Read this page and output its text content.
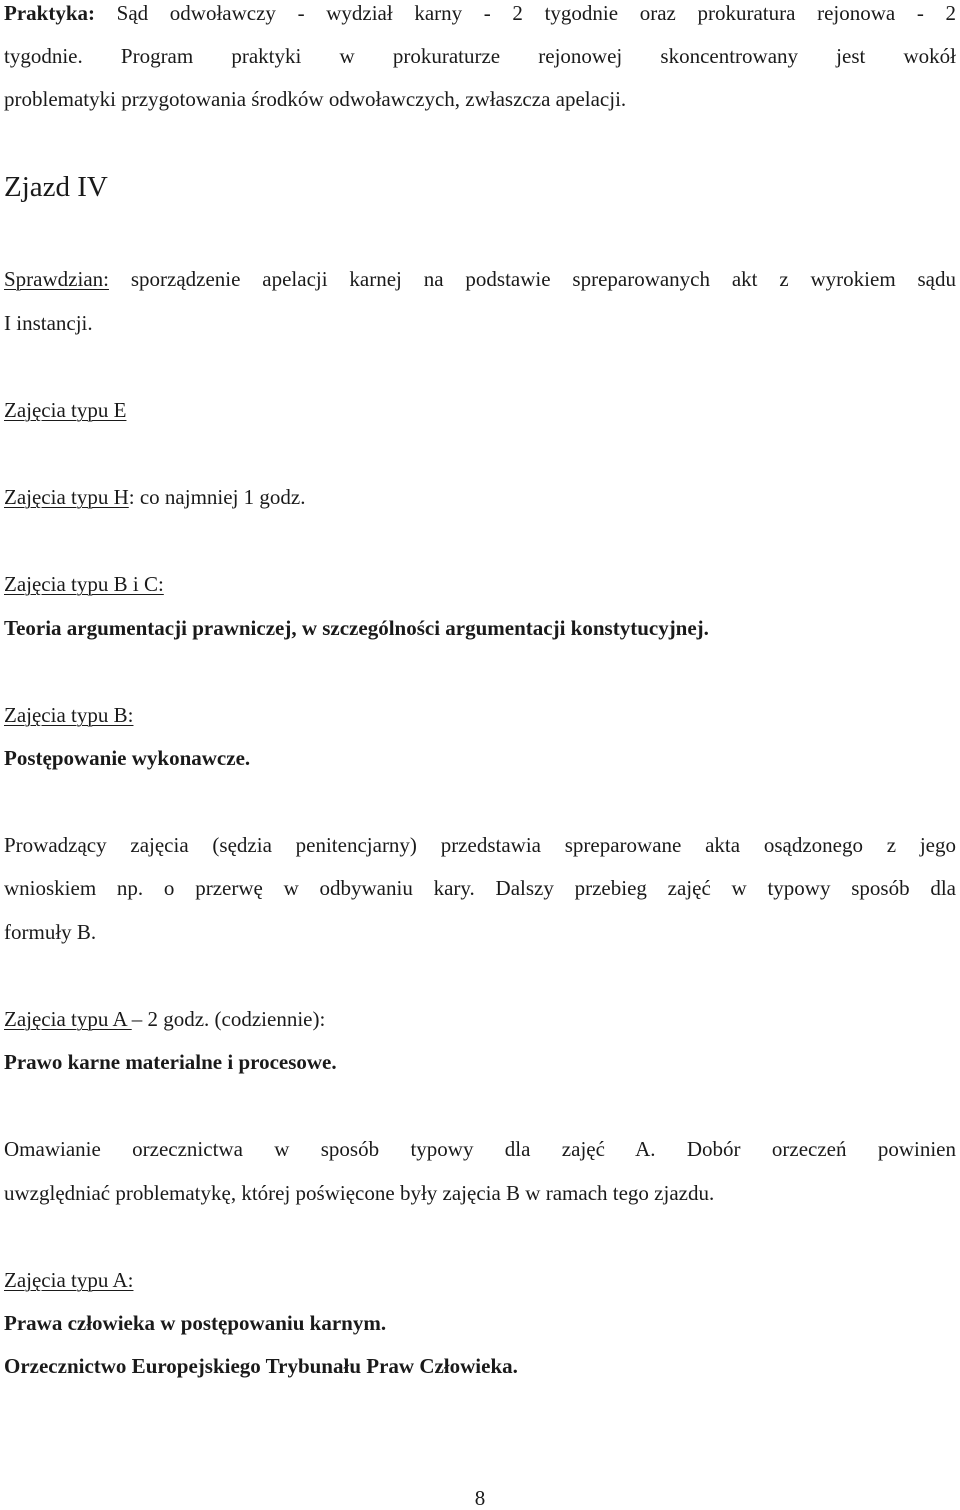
Praktyka: Sąd odwoławczy - wydział karny - 2 tygodnie oraz prokuratura rejonowa - 2
tygodnie. Program praktyki w prokuraturze rejonowej skoncentrowany jest wokół
problematyki przygotowania środków odwoławczych, zwłaszcza apelacji.
Zjazd IV
Sprawdzian: sporządzenie apelacji karnej na podstawie spreparowanych akt z wyrokiem sądu
I instancji.
Zajęcia typu E
Zajęcia typu H: co najmniej 1 godz.
Zajęcia typu B i C:
Teoria argumentacji prawniczej, w szczególności argumentacji konstytucyjnej.
Zajęcia typu B:
Postępowanie wykonawcze.
Prowadzący zajęcia (sędzia penitencjarny) przedstawia spreparowane akta osądzonego z jego
wnioskiem np. o przerwę w odbywaniu kary. Dalszy przebieg zajęć w typowy sposób dla
formuły B.
Zajęcia typu A – 2 godz. (codziennie):
Prawo karne materialne i procesowe.
Omawianie orzecznictwa w sposób typowy dla zajęć A. Dobór orzeczeń powinien
uwzględniać problematykę, której poświęcone były zajęcia B w ramach tego zjazdu.
Zajęcia typu A:
Prawa człowieka w postępowaniu karnym.
Orzecznictwo Europejskiego Trybunału Praw Człowieka.
8
